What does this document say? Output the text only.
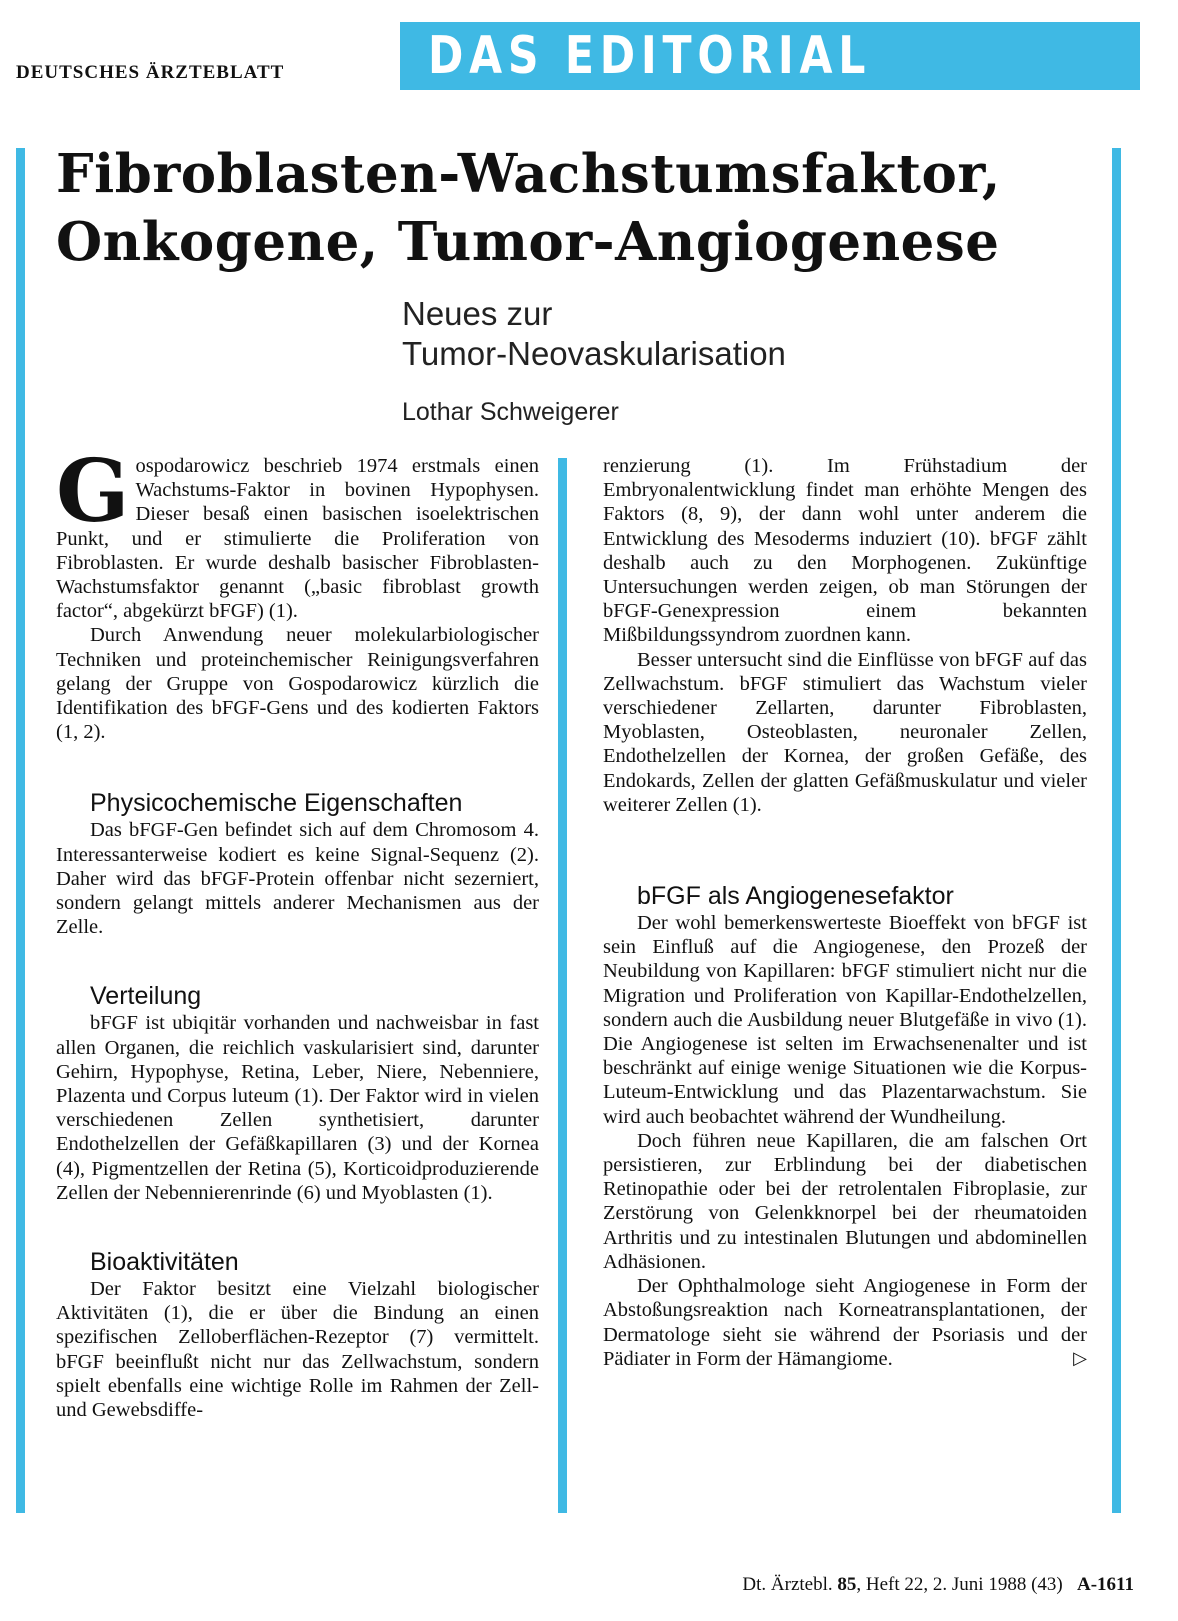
DEUTSCHES ÄRZTEBLATT	DAS EDITORIAL
Fibroblasten-Wachstumsfaktor,
Onkogene, Tumor-Angiogenese
Neues zur
Tumor-Neovaskularisation
Lothar Schweigerer

Gospodarowicz beschrieb 1974 erstmals einen Wachstums-Faktor in bovinen Hypophysen. Dieser besaß einen basischen isoelektrischen Punkt, und er stimulierte die Proliferation von Fibroblasten. Er wurde deshalb basischer Fibroblasten-Wachstumsfaktor genannt („basic fibroblast growth factor“, abgekürzt bFGF) (1).

Durch Anwendung neuer molekularbiologischer Techniken und proteinchemischer Reinigungsverfahren gelang der Gruppe von Gospodarowicz kürzlich die Identifikation des bFGF-Gens und des kodierten Faktors (1, 2).

Physicochemische Eigenschaften

Das bFGF-Gen befindet sich auf dem Chromosom 4. Interessanterweise kodiert es keine Signal-Sequenz (2). Daher wird das bFGF-Protein offenbar nicht sezerniert, sondern gelangt mittels anderer Mechanismen aus der Zelle.

Verteilung

bFGF ist ubiqitär vorhanden und nachweisbar in fast allen Organen, die reichlich vaskularisiert sind, darunter Gehirn, Hypophyse, Retina, Leber, Niere, Nebenniere, Plazenta und Corpus luteum (1). Der Faktor wird in vielen verschiedenen Zellen synthetisiert, darunter Endothelzellen der Gefäßkapillaren (3) und der Kornea (4), Pigmentzellen der Retina (5), Korticoidproduzierende Zellen der Nebennierenrinde (6) und Myoblasten (1).

Bioaktivitäten

Der Faktor besitzt eine Vielzahl biologischer Aktivitäten (1), die er über die Bindung an einen spezifischen Zelloberflächen-Rezeptor (7) vermittelt. bFGF beeinflußt nicht nur das Zellwachstum, sondern spielt ebenfalls eine wichtige Rolle im Rahmen der Zell- und Gewebsdiffe-

renzierung (1). Im Frühstadium der Embryonalentwicklung findet man erhöhte Mengen des Faktors (8, 9), der dann wohl unter anderem die Entwicklung des Mesoderms induziert (10). bFGF zählt deshalb auch zu den Morphogenen. Zukünftige Untersuchungen werden zeigen, ob man Störungen der bFGF-Genexpression einem bekannten Mißbildungssyndrom zuordnen kann.

Besser untersucht sind die Einflüsse von bFGF auf das Zellwachstum. bFGF stimuliert das Wachstum vieler verschiedener Zellarten, darunter Fibroblasten, Myoblasten, Osteoblasten, neuronaler Zellen, Endothelzellen der Kornea, der großen Gefäße, des Endokards, Zellen der glatten Gefäßmuskulatur und vieler weiterer Zellen (1).

bFGF als Angiogenesefaktor

Der wohl bemerkenswerteste Bioeffekt von bFGF ist sein Einfluß auf die Angiogenese, den Prozeß der Neubildung von Kapillaren: bFGF stimuliert nicht nur die Migration und Proliferation von Kapillar-Endothelzellen, sondern auch die Ausbildung neuer Blutgefäße in vivo (1). Die Angiogenese ist selten im Erwachsenenalter und ist beschränkt auf einige wenige Situationen wie die Korpus-Luteum-Entwicklung und das Plazentarwachstum. Sie wird auch beobachtet während der Wundheilung.

Doch führen neue Kapillaren, die am falschen Ort persistieren, zur Erblindung bei der diabetischen Retinopathie oder bei der retrolentalen Fibroplasie, zur Zerstörung von Gelenkknorpel bei der rheumatoiden Arthritis und zu intestinalen Blutungen und abdominellen Adhäsionen.

Der Ophthalmologe sieht Angiogenese in Form der Abstoßungsreaktion nach Korneatransplantationen, der Dermatologe sieht sie während der Psoriasis und der Pädiater in Form der Hämangiome.	▷

Dt. Ärztebl. 85, Heft 22, 2. Juni 1988 (43) A-1611
